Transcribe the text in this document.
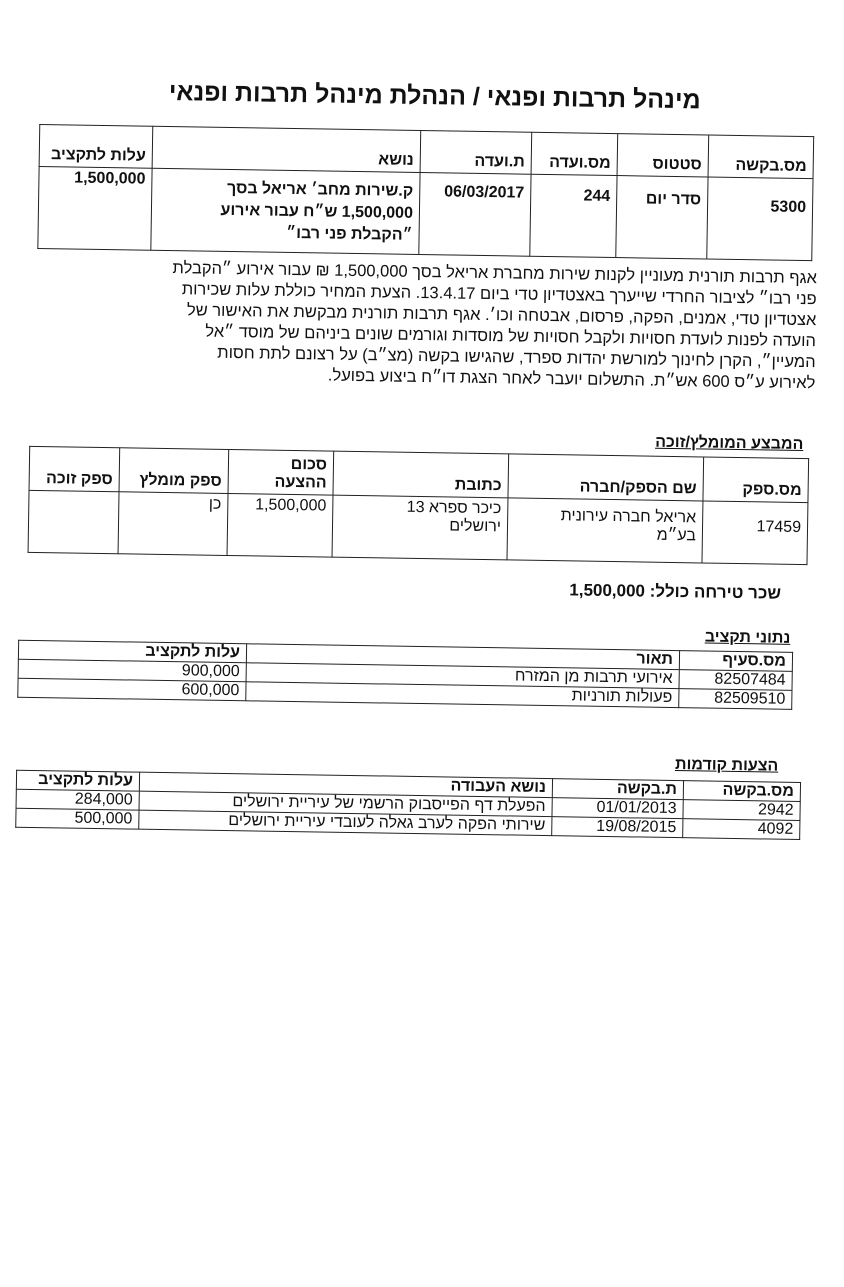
מינהל תרבות ופנאי / הנהלת מינהל תרבות ופנאי
מס.בקשה	סטטוס	מס.ועדה	ת.ועדה	נושא	עלות לתקציב
5300	סדר יום	244	06/03/2017	ק.שירות מחב׳ אריאל בסך 1,500,000 ש״ח עבור אירוע ״הקבלת פני רבו״	1,500,000
אגף תרבות תורנית מעוניין לקנות שירות מחברת אריאל בסך 1,500,000 ₪ עבור אירוע ״הקבלת
פני רבו״ לציבור החרדי שייערך באצטדיון טדי ביום 13.4.17. הצעת המחיר כוללת עלות שכירות
אצטדיון טדי, אמנים, הפקה, פרסום, אבטחה וכו׳. אגף תרבות תורנית מבקשת את האישור של
הועדה לפנות לועדת חסויות ולקבל חסויות של מוסדות וגורמים שונים ביניהם של מוסד ״אל
המעיין״, הקרן לחינוך למורשת יהדות ספרד, שהגישו בקשה (מצ״ב) על רצונם לתת חסות
לאירוע ע״ס 600 אש״ת. התשלום יועבר לאחר הצגת דו״ח ביצוע בפועל.
המבצע המומלץ/זוכה
מס.ספק	שם הספק/חברה	כתובת	סכום ההצעה	ספק מומלץ	ספק זוכה
17459	אריאל חברה עירונית בע״מ	כיכר ספרא 13 ירושלים	1,500,000	כן	
שכר טירחה כולל: 1,500,000
נתוני תקציב
מס.סעיף	תאור	עלות לתקציב
82507484	אירועי תרבות מן המזרח	900,000
82509510	פעולות תורניות	600,000
הצעות קודמות
מס.בקשה	ת.בקשה	נושא העבודה	עלות לתקציב
2942	01/01/2013	הפעלת דף הפייסבוק הרשמי של עיריית ירושלים	284,000
4092	19/08/2015	שירותי הפקה לערב גאלה לעובדי עיריית ירושלים	500,000
